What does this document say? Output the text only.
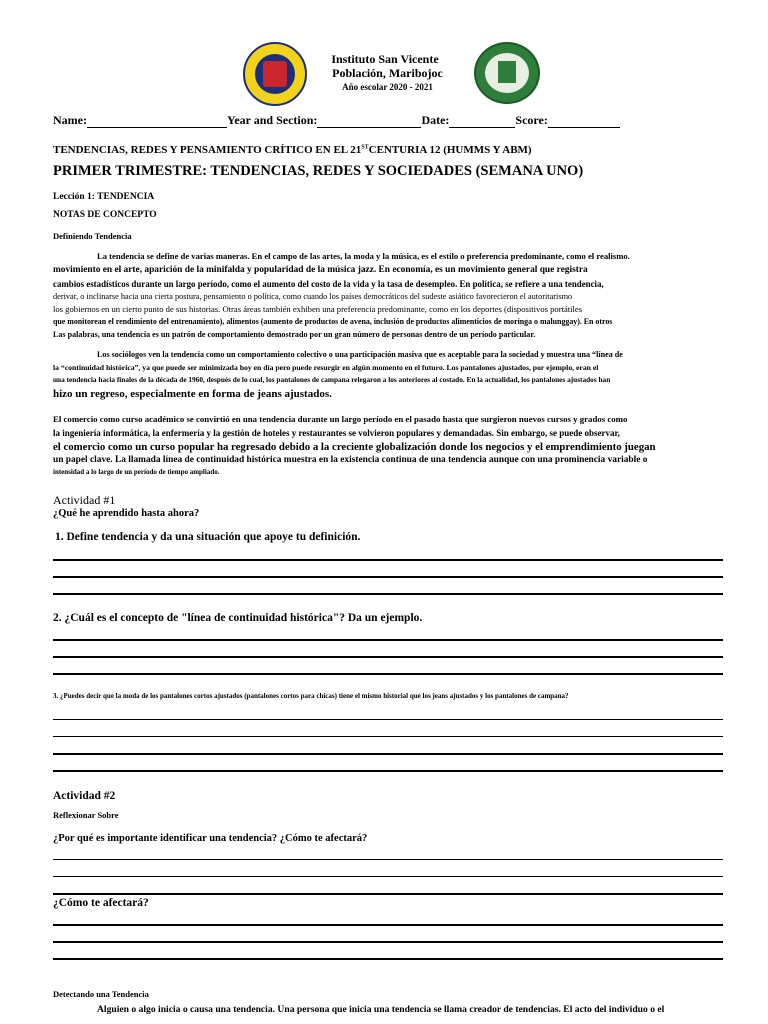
Instituto San Vicente
Población, Maribojoc
Año escolar 2020 - 2021
Name:	Year and Section:	Date:	Score:
TENDENCIAS, REDES Y PENSAMIENTO CRÍTICO EN EL 21STCENTURIA 12 (HUMMS Y ABM)
PRIMER TRIMESTRE: TENDENCIAS, REDES Y SOCIEDADES (SEMANA UNO)
Lección 1: TENDENCIA
NOTAS DE CONCEPTO
Definiendo Tendencia
La tendencia se define de varias maneras. En el campo de las artes, la moda y la música, es el estilo o preferencia predominante, como el realismo.
movimiento en el arte, aparición de la minifalda y popularidad de la música jazz. En economía, es un movimiento general que registra
cambios estadísticos durante un largo período, como el aumento del costo de la vida y la tasa de desempleo. En política, se refiere a una tendencia,
derivar, o inclinarse hacia una cierta postura, pensamiento o política, como cuando los países democráticos del sudeste asiático favorecieron el autoritarismo
los gobiernos en un cierto punto de sus historias. Otras áreas también exhiben una preferencia predominante, como en los deportes (dispositivos portátiles
que monitorean el rendimiento del entrenamiento), alimentos (aumento de productos de avena, inclusión de productos alimenticios de moringa o malunggay). En otros
Las palabras, una tendencia es un patrón de comportamiento demostrado por un gran número de personas dentro de un período particular.
Los sociólogos ven la tendencia como un comportamiento colectivo o una participación masiva que es aceptable para la sociedad y muestra una “línea de
la “continuidad histórica”, ya que puede ser minimizada hoy en día pero puede resurgir en algún momento en el futuro. Los pantalones ajustados, por ejemplo, eran el
una tendencia hacia finales de la década de 1960, después de lo cual, los pantalones de campana relegaron a los anteriores al costado. En la actualidad, los pantalones ajustados han
hizo un regreso, especialmente en forma de jeans ajustados.
El comercio como curso académico se convirtió en una tendencia durante un largo período en el pasado hasta que surgieron nuevos cursos y grados como
la ingeniería informática, la enfermería y la gestión de hoteles y restaurantes se volvieron populares y demandadas. Sin embargo, se puede observar,
el comercio como un curso popular ha regresado debido a la creciente globalización donde los negocios y el emprendimiento juegan
un papel clave. La llamada línea de continuidad histórica muestra en la existencia continua de una tendencia aunque con una prominencia variable o
intensidad a lo largo de un período de tiempo ampliado.
Actividad #1
¿Qué he aprendido hasta ahora?
1. Define tendencia y da una situación que apoye tu definición.
2. ¿Cuál es el concepto de "línea de continuidad histórica"? Da un ejemplo.
3. ¿Puedes decir que la moda de los pantalones cortos ajustados (pantalones cortos para chicas) tiene el mismo historial que los jeans ajustados y los pantalones de campana?
Actividad #2
Reflexionar Sobre
¿Por qué es importante identificar una tendencia? ¿Cómo te afectará?
¿Cómo te afectará?
Detectando una Tendencia
Alguien o algo inicia o causa una tendencia. Una persona que inicia una tendencia se llama creador de tendencias. El acto del individuo o el
